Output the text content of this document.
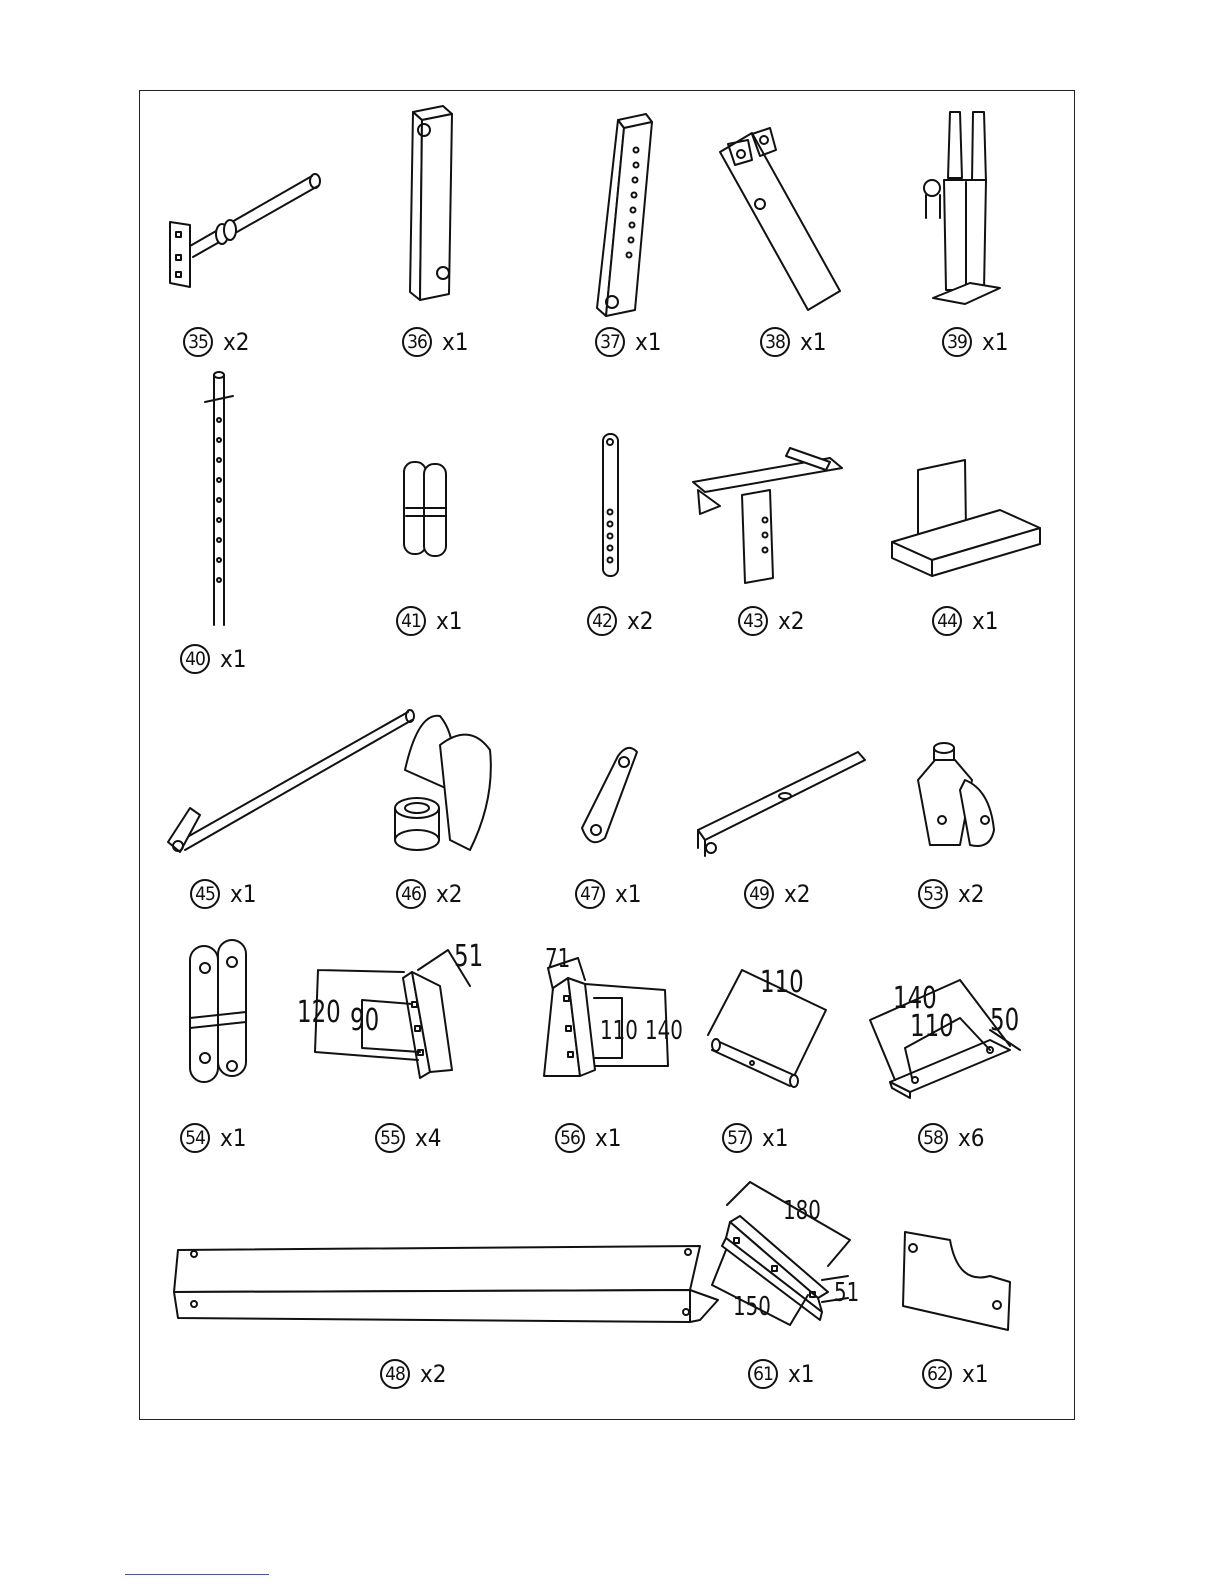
35 x2	36 x1	37 x1	38 x1	39 x1
40 x1
41 x1	42 x2	43 x2	44 x1
45 x1	46 x2	47 x1	49 x2	53 x2
54 x1	55 x4	56 x1	57 x1	58 x6
48 x2	61 x1	62 x1
120 90
51 71
110 140
110	140
110 50
180
150 51
